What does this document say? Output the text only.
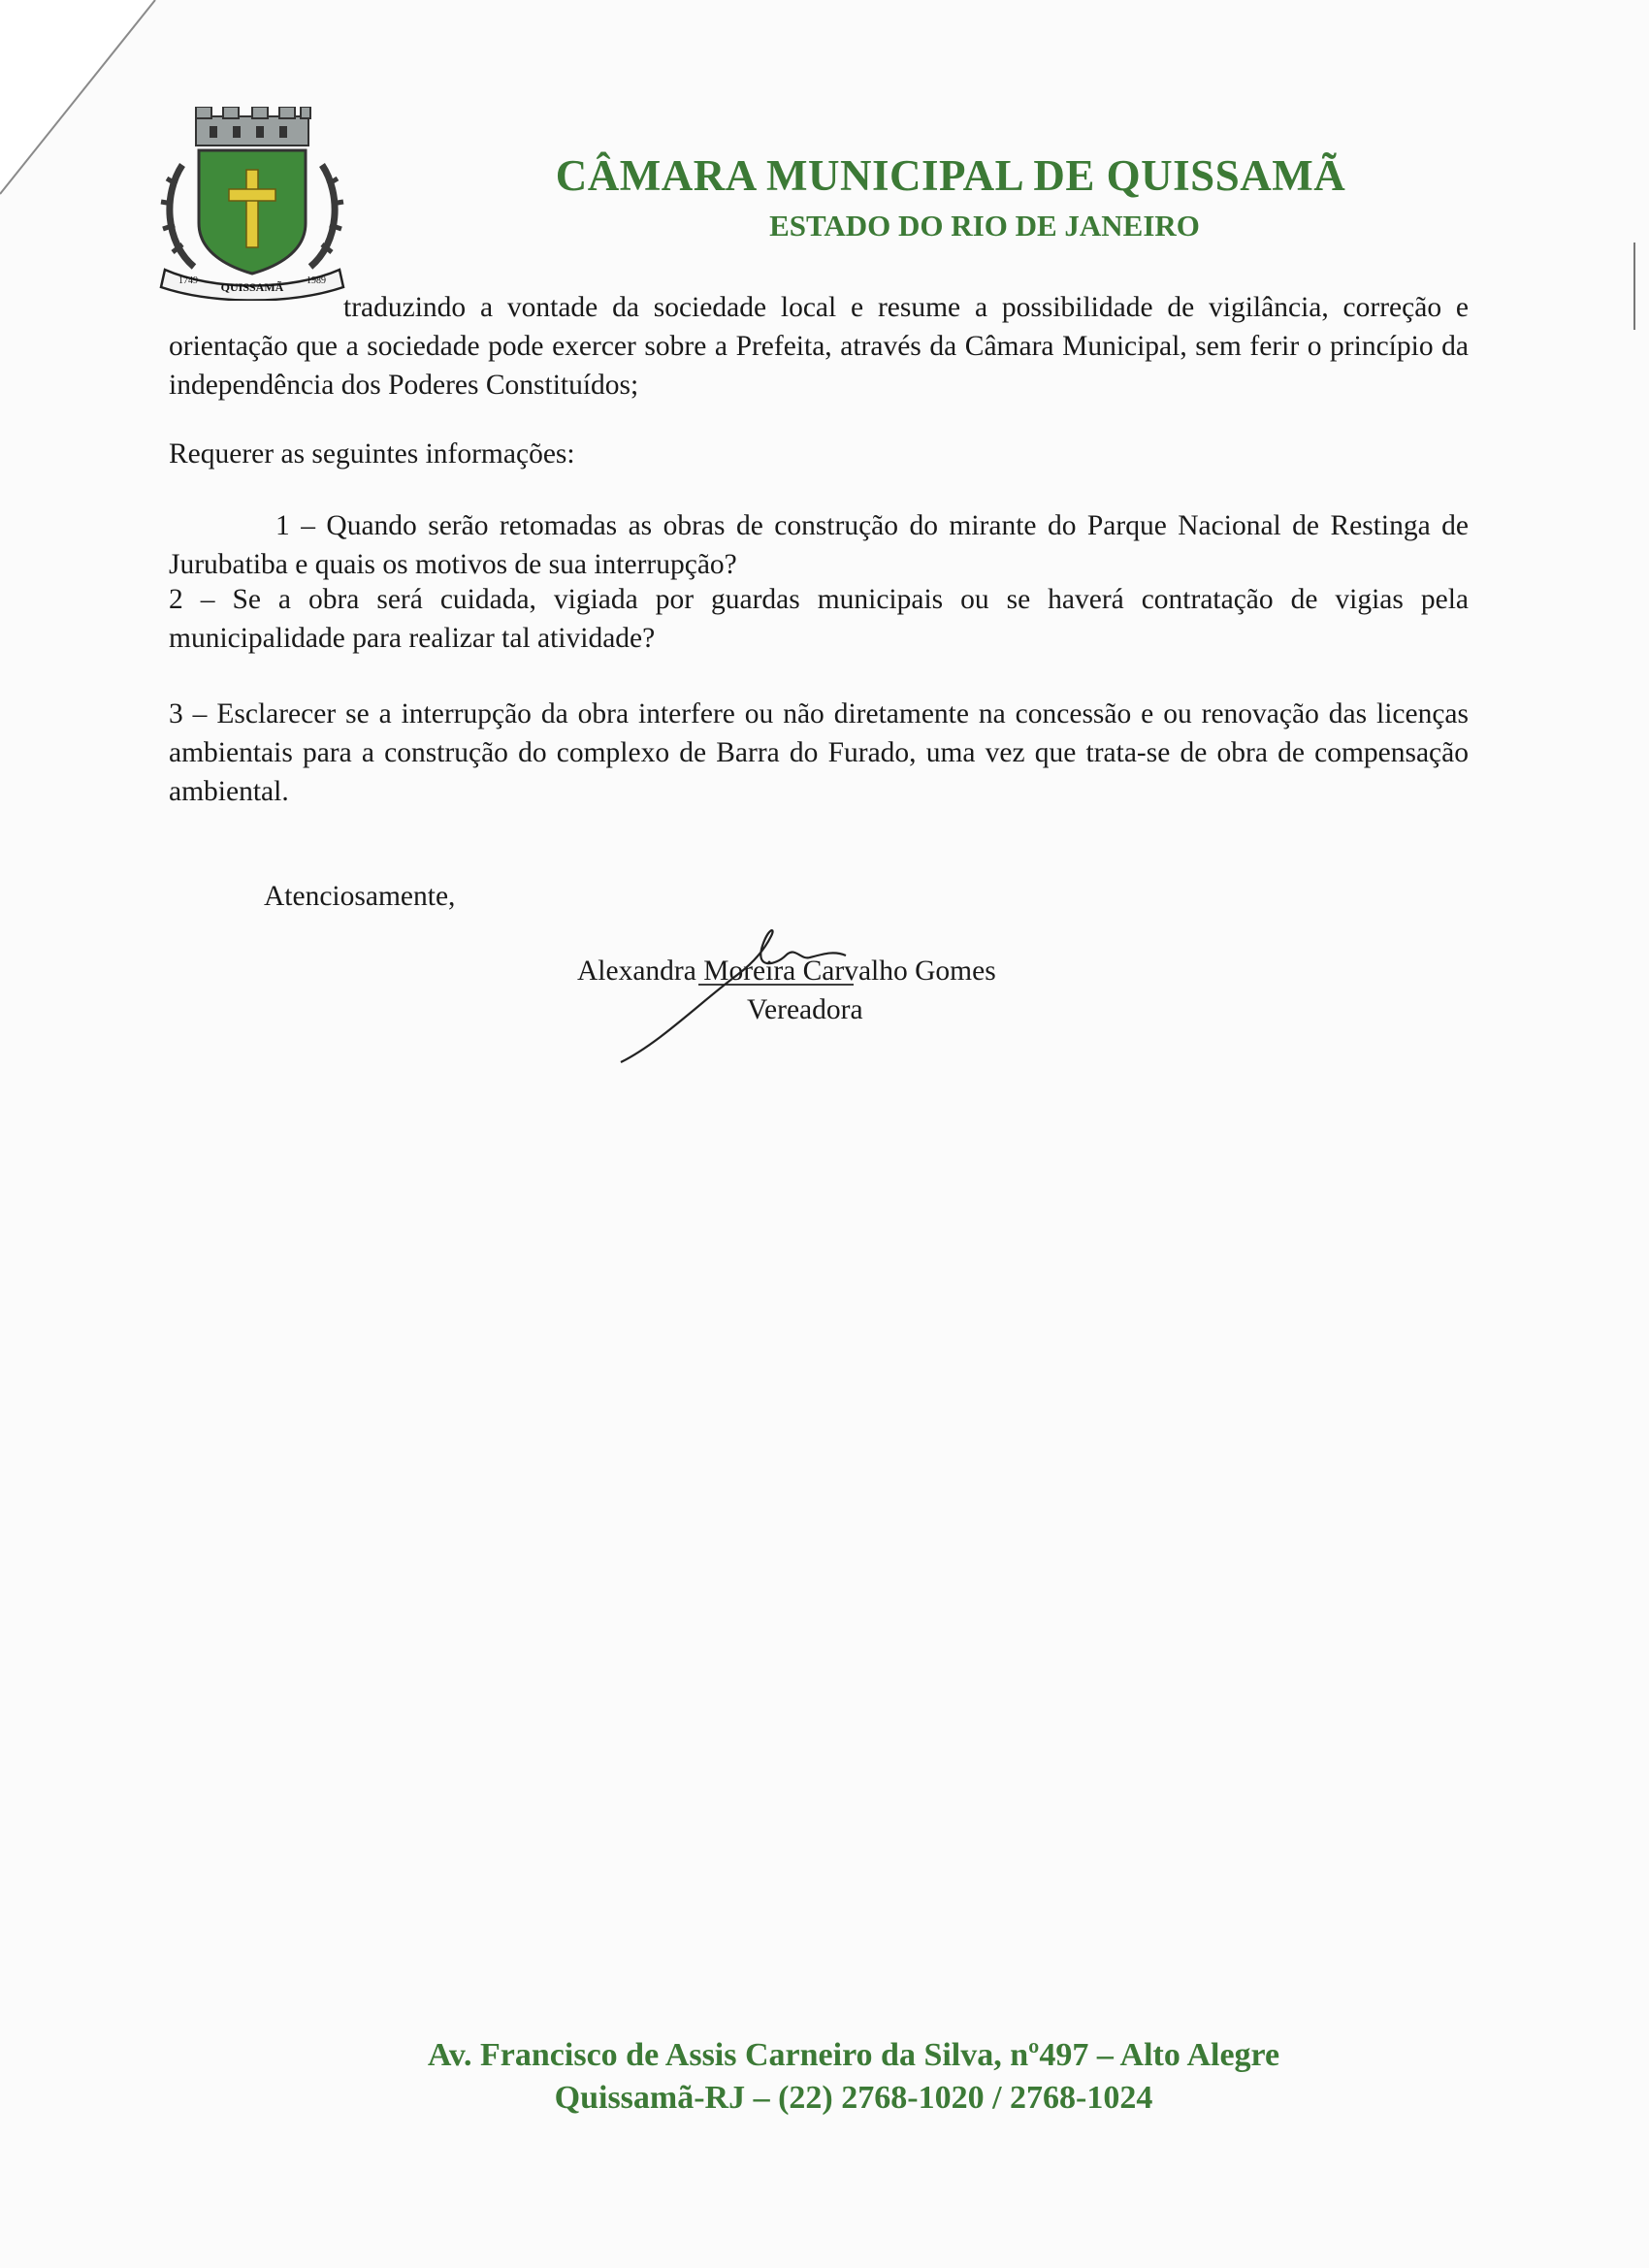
QUISSAMÃ
1749	1989
CÂMARA MUNICIPAL DE QUISSAMÃ
ESTADO DO RIO DE JANEIRO
traduzindo a vontade da sociedade local e resume a possibilidade de vigilância, correção e orientação que a sociedade pode exercer sobre a Prefeita, através da Câmara Municipal, sem ferir o princípio da independência dos Poderes Constituídos;
Requerer as seguintes informações:
1 – Quando serão retomadas as obras de construção do mirante do Parque Nacional de Restinga de Jurubatiba e quais os motivos de sua interrupção?
2 – Se a obra será cuidada, vigiada por guardas municipais ou se haverá contratação de vigias pela municipalidade para realizar tal atividade?
3 – Esclarecer se a interrupção da obra interfere ou não diretamente na concessão e ou renovação das licenças ambientais para a construção do complexo de Barra do Furado, uma vez que trata-se de obra de compensação ambiental.
Atenciosamente,
Alexandra Moreira Carvalho Gomes
Vereadora
Av. Francisco de Assis Carneiro da Silva, nº497 – Alto Alegre
Quissamã-RJ – (22) 2768-1020 / 2768-1024
